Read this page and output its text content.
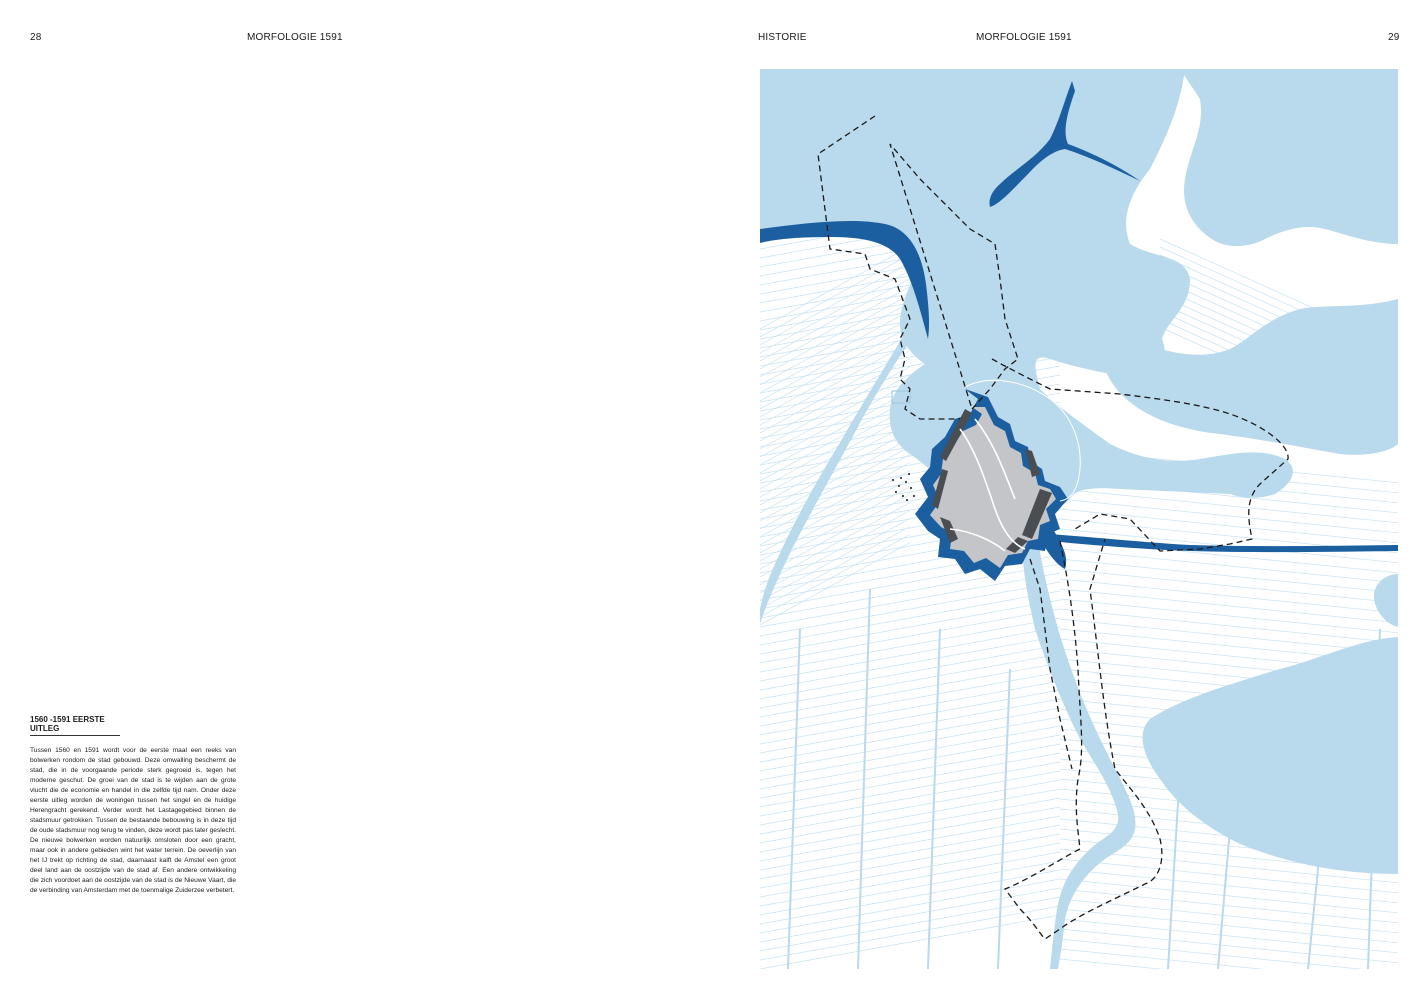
28	MORFOLOGIE 1591	HISTORIE	MORFOLOGIE 1591	29
1560 -1591 EERSTE UITLEG

Tussen 1560 en 1591 wordt voor de eerste maal een reeks van bolwerken rondom de stad gebouwd. Deze omwalling beschermt de stad, die in de voorgaande periode sterk gegroeid is, tegen het moderne geschut. De groei van de stad is te wijden aan de grote vlucht die de economie en handel in die zelfde tijd nam. Onder deze eerste uitleg worden de woningen tussen het singel en de huidige Herengracht gerekend. Verder wordt het Lastagegebied binnen de stadsmuur getrokken. Tussen de bestaande bebouwing is in deze tijd de oude stadsmuur nog terug te vinden, deze wordt pas later geslecht.

De nieuwe bolwerken worden natuurlijk omsloten door een gracht, maar ook in andere gebieden wint het water terrein. De oeverlijn van het IJ trekt op richting de stad, daarnaast kalft de Amstel een groot deel land aan de oostzijde van de stad af. Een andere ontwikkeling die zich voordoet aan de oostzijde van de stad is de Nieuwe Vaart, die de verbinding van Amsterdam met de toenmalige Zuiderzee verbetert.
